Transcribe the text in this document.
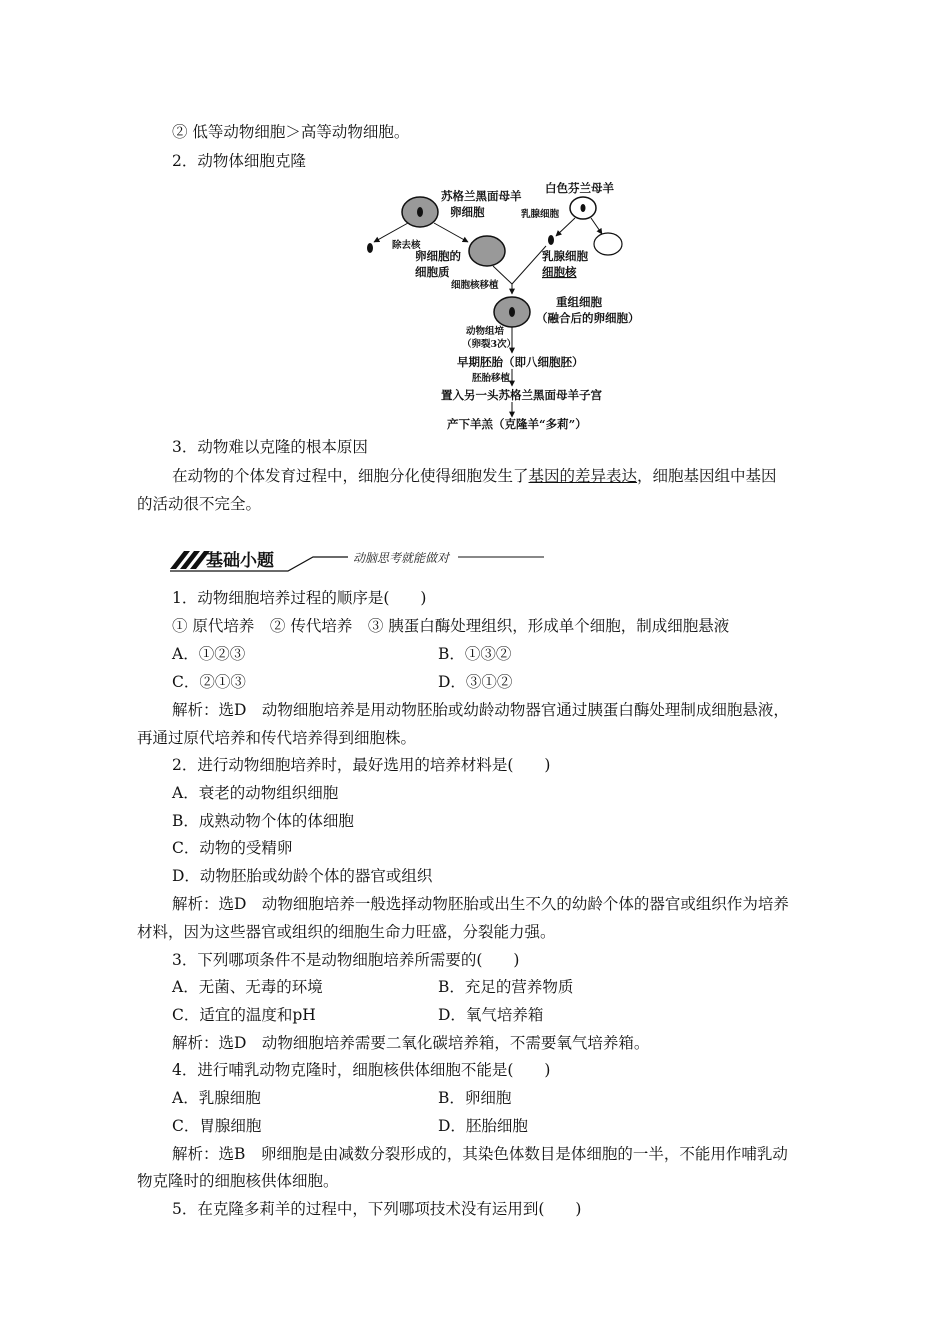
② 低等动物细胞＞高等动物细胞。
2．动物体细胞克隆
苏格兰黑面母羊
卵细胞
除去核
卵细胞的
细胞质
白色芬兰母羊
乳腺细胞
乳腺细胞
细胞核
细胞核移植
重组细胞
（融合后的卵细胞）
动物组培
（卵裂3次）
早期胚胎（即八细胞胚）
胚胎移植
置入另一头苏格兰黑面母羊子宫
产下羊羔（克隆羊“多莉”）
3．动物难以克隆的根本原因
在动物的个体发育过程中，细胞分化使得细胞发生了基因的差异表达，细胞基因组中基因
的活动很不完全。
基础小题	动脑思考就能做对
1．动物细胞培养过程的顺序是(　　)
① 原代培养　② 传代培养　③ 胰蛋白酶处理组织，形成单个细胞，制成细胞悬液
A．①②③	B．①③②
C．②①③	D．③①②
解析：选D　动物细胞培养是用动物胚胎或幼龄动物器官通过胰蛋白酶处理制成细胞悬液，
再通过原代培养和传代培养得到细胞株。
2．进行动物细胞培养时，最好选用的培养材料是(　　)
A．衰老的动物组织细胞
B．成熟动物个体的体细胞
C．动物的受精卵
D．动物胚胎或幼龄个体的器官或组织
解析：选D　动物细胞培养一般选择动物胚胎或出生不久的幼龄个体的器官或组织作为培养
材料，因为这些器官或组织的细胞生命力旺盛，分裂能力强。
3．下列哪项条件不是动物细胞培养所需要的(　　)
A．无菌、无毒的环境	B．充足的营养物质
C．适宜的温度和pH	D．氧气培养箱
解析：选D　动物细胞培养需要二氧化碳培养箱，不需要氧气培养箱。
4．进行哺乳动物克隆时，细胞核供体细胞不能是(　　)
A．乳腺细胞	B．卵细胞
C．胃腺细胞	D．胚胎细胞
解析：选B　卵细胞是由减数分裂形成的，其染色体数目是体细胞的一半，不能用作哺乳动
物克隆时的细胞核供体细胞。
5．在克隆多莉羊的过程中，下列哪项技术没有运用到(　　)
